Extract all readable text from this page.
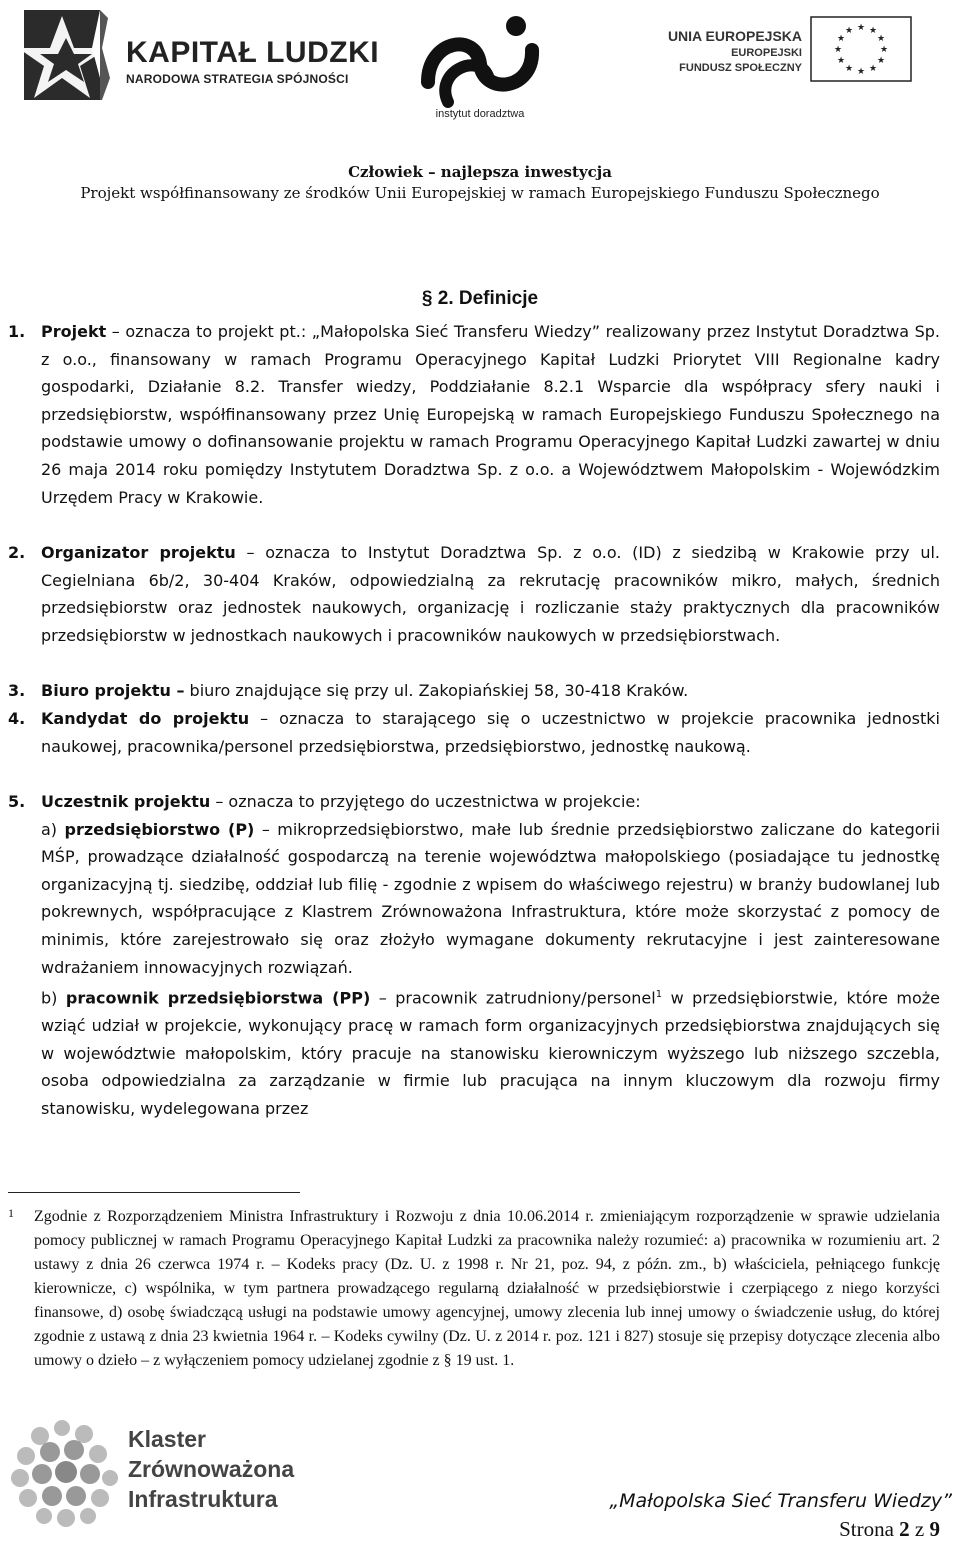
KAPITAŁ LUDZKI
NARODOWA STRATEGIA SPÓJNOŚCI
instytut doradztwa
UNIA EUROPEJSKA
EUROPEJSKI
FUNDUSZ SPOŁECZNY
★ ★
★
★
★
★
★
★
★
★
★
★
Człowiek – najlepsza inwestycja
Projekt współfinansowany ze środków Unii Europejskiej w ramach Europejskiego Funduszu Społecznego
§ 2. Definicje
1. Projekt – oznacza to projekt pt.: „Małopolska Sieć Transferu Wiedzy” realizowany przez Instytut Doradztwa Sp. z o.o., finansowany w ramach Programu Operacyjnego Kapitał Ludzki Priorytet VIII Regionalne kadry gospodarki, Działanie 8.2. Transfer wiedzy, Poddziałanie 8.2.1 Wsparcie dla współpracy sfery nauki i przedsiębiorstw, współfinansowany przez Unię Europejską w ramach Europejskiego Funduszu Społecznego na podstawie umowy o dofinansowanie projektu w ramach Programu Operacyjnego Kapitał Ludzki zawartej w dniu 26 maja 2014 roku pomiędzy Instytutem Doradztwa Sp. z o.o. a Województwem Małopolskim - Wojewódzkim Urzędem Pracy w Krakowie.
2. Organizator projektu – oznacza to Instytut Doradztwa Sp. z o.o. (ID) z siedzibą w Krakowie przy ul. Cegielniana 6b/2, 30-404 Kraków, odpowiedzialną za rekrutację pracowników mikro, małych, średnich przedsiębiorstw oraz jednostek naukowych, organizację i rozliczanie staży praktycznych dla pracowników przedsiębiorstw w jednostkach naukowych i pracowników naukowych w przedsiębiorstwach.
3. Biuro projektu – biuro znajdujące się przy ul. Zakopiańskiej 58, 30-418 Kraków.
4. Kandydat do projektu – oznacza to starającego się o uczestnictwo w projekcie pracownika jednostki naukowej, pracownika/personel przedsiębiorstwa, przedsiębiorstwo, jednostkę naukową.
5. Uczestnik projektu – oznacza to przyjętego do uczestnictwa w projekcie:
a) przedsiębiorstwo (P) – mikroprzedsiębiorstwo, małe lub średnie przedsiębiorstwo zaliczane do kategorii MŚP, prowadzące działalność gospodarczą na terenie województwa małopolskiego (posiadające tu jednostkę organizacyjną tj. siedzibę, oddział lub filię - zgodnie z wpisem do właściwego rejestru) w branży budowlanej lub pokrewnych, współpracujące z Klastrem Zrównoważona Infrastruktura, które może skorzystać z pomocy de minimis, które zarejestrowało się oraz złożyło wymagane dokumenty rekrutacyjne i jest zainteresowane wdrażaniem innowacyjnych rozwiązań.
b) pracownik przedsiębiorstwa (PP) – pracownik zatrudniony/personel$^1$ w przedsiębiorstwie, które może wziąć udział w projekcie, wykonujący pracę w ramach form organizacyjnych przedsiębiorstwa znajdujących się w województwie małopolskim, który pracuje na stanowisku kierowniczym wyższego lub niższego szczebla, osoba odpowiedzialna za zarządzanie w firmie lub pracująca na innym kluczowym dla rozwoju firmy stanowisku, wydelegowana przez
1 Zgodnie z Rozporządzeniem Ministra Infrastruktury i Rozwoju z dnia 10.06.2014 r. zmieniającym rozporządzenie w sprawie udzielania pomocy publicznej w ramach Programu Operacyjnego Kapitał Ludzki za pracownika należy rozumieć: a) pracownika w rozumieniu art. 2 ustawy z dnia 26 czerwca 1974 r. – Kodeks pracy (Dz. U. z 1998 r. Nr 21, poz. 94, z późn. zm., b) właściciela, pełniącego funkcję kierownicze, c) wspólnika, w tym partnera prowadzącego regularną działalność w przedsiębiorstwie i czerpiącego z niego korzyści finansowe, d) osobę świadczącą usługi na podstawie umowy agencyjnej, umowy zlecenia lub innej umowy o świadczenie usług, do której zgodnie z ustawą z dnia 23 kwietnia 1964 r. – Kodeks cywilny (Dz. U. z 2014 r. poz. 121 i 827) stosuje się przepisy dotyczące zlecenia albo umowy o dzieło – z wyłączeniem pomocy udzielanej zgodnie z § 19 ust. 1.
Klaster
Zrównoważona
Infrastruktura	„Małopolska Sieć Transferu Wiedzy”
Strona 2 z 9
